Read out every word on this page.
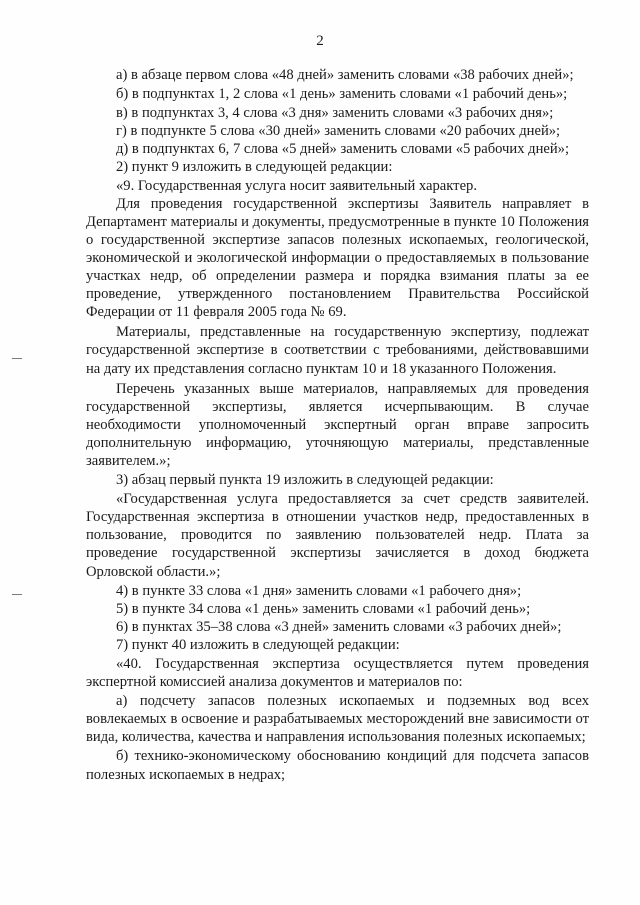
2

а) в абзаце первом слова «48 дней» заменить словами «38 рабочих дней»;

б) в подпунктах 1, 2 слова «1 день» заменить словами «1 рабочий день»;

в) в подпунктах 3, 4 слова «3 дня» заменить словами «3 рабочих дня»;

г) в подпункте 5 слова «30 дней» заменить словами «20 рабочих дней»;

д) в подпунктах 6, 7 слова «5 дней» заменить словами «5 рабочих дней»;

2) пункт 9 изложить в следующей редакции:

«9. Государственная услуга носит заявительный характер.

Для проведения государственной экспертизы Заявитель направляет в Департамент материалы и документы, предусмотренные в пункте 10 Положения о государственной экспертизе запасов полезных ископаемых, геологической, экономической и экологической информации о предоставляемых в пользование участках недр, об определении размера и порядка взимания платы за ее проведение, утвержденного постановлением Правительства Российской Федерации от 11 февраля 2005 года № 69.

Материалы, представленные на государственную экспертизу, подлежат государственной экспертизе в соответствии с требованиями, действовавшими на дату их представления согласно пунктам 10 и 18 указанного Положения.

Перечень указанных выше материалов, направляемых для проведения государственной экспертизы, является исчерпывающим. В случае необходимости уполномоченный экспертный орган вправе запросить дополнительную информацию, уточняющую материалы, представленные заявителем.»;

3) абзац первый пункта 19 изложить в следующей редакции:

«Государственная услуга предоставляется за счет средств заявителей. Государственная экспертиза в отношении участков недр, предоставленных в пользование, проводится по заявлению пользователей недр. Плата за проведение государственной экспертизы зачисляется в доход бюджета Орловской области.»;

4) в пункте 33 слова «1 дня» заменить словами «1 рабочего дня»;

5) в пункте 34 слова «1 день» заменить словами «1 рабочий день»;

6) в пунктах 35–38 слова «3 дней» заменить словами «3 рабочих дней»;

7) пункт 40 изложить в следующей редакции:

«40. Государственная экспертиза осуществляется путем проведения экспертной комиссией анализа документов и материалов по:

а) подсчету запасов полезных ископаемых и подземных вод всех вовлекаемых в освоение и разрабатываемых месторождений вне зависимости от вида, количества, качества и направления использования полезных ископаемых;

б) технико-экономическому обоснованию кондиций для подсчета запасов полезных ископаемых в недрах;
